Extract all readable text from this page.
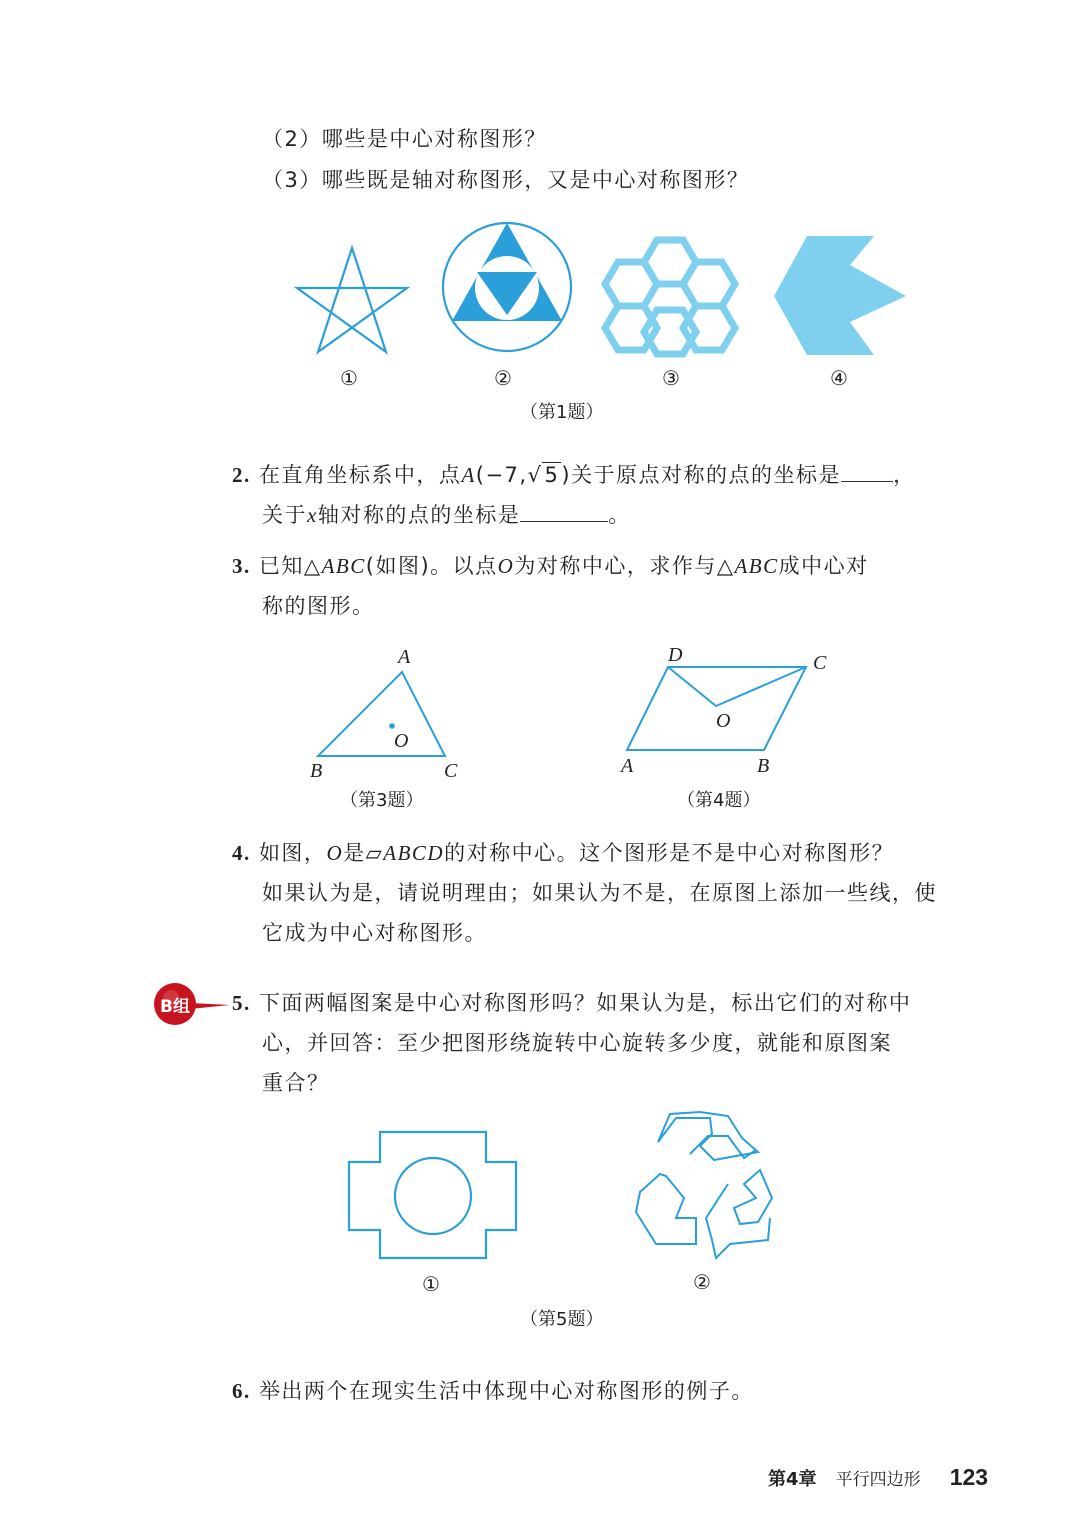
（2）哪些是中心对称图形？
（3）哪些既是轴对称图形，又是中心对称图形？
①	②	③	④
（第1题）
2. 在直角坐标系中，点A(−7,√5)关于原点对称的点的坐标是 ，
关于x轴对称的点的坐标是	。
3. 已知△ABC(如图)。以点O为对称中心，求作与△ABC成中心对
称的图形。
A
B	C
O
D	C
O
A	B
（第3题）	（第4题）
4. 如图，O是▱ABCD的对称中心。这个图形是不是中心对称图形？
如果认为是，请说明理由；如果认为不是，在原图上添加一些线，使
它成为中心对称图形。
B组 5. 下面两幅图案是中心对称图形吗？如果认为是，标出它们的对称中
心，并回答：至少把图形绕旋转中心旋转多少度，就能和原图案
重合？
①	②
（第5题）
6. 举出两个在现实生活中体现中心对称图形的例子。
第4章 平行四边形 123
